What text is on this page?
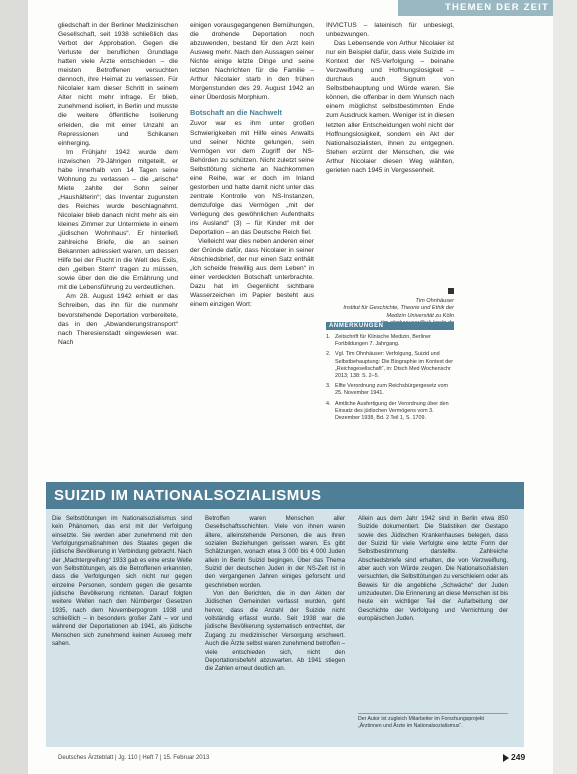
THEMEN DER ZEIT

gliedschaft in der Berliner Medizinischen Gesellschaft, seit 1938 schließlich das Verbot der Approbation. Gegen die Verluste der beruflichen Grundlage hatten viele Ärzte entschieden – die meisten Betroffenen versuchten dennoch, ihre Heimat zu verlassen. Für Nicolaier kam dieser Schritt in seinem Alter nicht mehr infrage. Er blieb, zunehmend isoliert, in Berlin und musste die weitere öffentliche Isolierung erleiden, die mit einer Unzahl an Repressionen und Schikanen einherging.

Im Frühjahr 1942 wurde dem inzwischen 79-Jährigen mitgeteilt, er habe innerhalb von 14 Tagen seine Wohnung zu verlassen – die „arische“ Miete zahlte der Sohn seiner „Haushälterin“; das Inventar zugunsten des Reiches wurde beschlagnahmt. Nicolaier blieb danach nicht mehr als ein kleines Zimmer zur Untermiete in einem „jüdischen Wohnhaus“. Er hinterließ zahlreiche Briefe, die an seinen Bekannten adressiert waren, um dessen Hilfe bei der Flucht in die Welt des Exils, den „gelben Stern“ tragen zu müssen, sowie über den die die Ernährung und mit die Lebensführung zu verdeutlichen.

Am 28. August 1942 erhielt er das Schreiben, das ihn für die nunmehr bevorstehende Deportation vorbereitete, das in den „Abwanderungstransport“ nach Theresienstadt eingewiesen war. Nach

einigen vorausgegangenen Bemühungen, die drohende Deportation noch abzuwenden, bestand für den Arzt kein Ausweg mehr. Nach den Aussagen seiner Nichte einige letzte Dinge und seine letzten Nachrichten für die Familie – Arthur Nicolaier starb in den frühen Morgenstunden des 29. August 1942 an einer Überdosis Morphium.

Botschaft an die Nachwelt

Zuvor war es ihm unter großen Schwierigkeiten mit Hilfe eines Anwalts und seiner Nichte gelungen, sein Vermögen vor dem Zugriff der NS-Behörden zu schützen. Nicht zuletzt seine Selbsttötung sicherte an Nachkommen eine Reihe, war er doch im Inland gestorben und hatte damit nicht unter das zentrale Kontrolle von NS-Instanzen, demzufolge das Vermögen „mit der Verlegung des gewöhnlichen Aufenthalts ins Ausland“ (3) – für Kinder mit der Deportation – an das Deutsche Reich fiel.

Vielleicht war dies neben anderen einer der Gründe dafür, dass Nicolaier in seiner Abschiedsbrief, der nur einen Satz enthält „Ich scheide freiwillig aus dem Leben“ in einer verdeckten Botschaft unterbrachte. Dazu hat im Gegenlicht sichtbare Wasserzeichen im Papier besteht aus einem einzigen Wort:

INVICTUS – lateinisch für unbesiegt, unbezwungen.

Das Lebensende von Arthur Nicolaier ist nur ein Beispiel dafür, dass viele Suizide im Kontext der NS-Verfolgung – beinahe Verzweiflung und Hoffnungslosigkeit – durchaus auch Signum von Selbstbehauptung und Würde waren. Sie können, die offenbar in dem Wunsch nach einem möglichst selbstbestimmten Ende zum Ausdruck kamen. Weniger ist in diesen letzten aller Entscheidungen wohl nicht der Hoffnungslosigkeit, sondern ein Akt der Nationalsozialisten, ihnen zu entgegnen. Stehen erzürnt der Menschen, die wie Arthur Nicolaier diesen Weg wählten, gerieten nach 1945 in Vergessenheit.

Tim Ohnhäuser
Institut für Geschichte, Theorie und Ethik der Medizin Universität zu Köln
ANMERKUNGEN
1. Zeitschrift für Klinische Medizin, Berliner Fortbildungen 7. Jahrgang.
2. Vgl. Tim Ohnhäuser: Verfolgung, Suizid und Selbstbehauptung: Die Biographie im Kontext der „Reichsgesellschaft“, in: Dtsch Med Wochenschr 2013; 138: S. 2–5.
3. Elfte Verordnung zum Reichsbürgergesetz vom 25. November 1941.
4. Amtliche Ausfertigung der Verordnung über den Einsatz des jüdischen Vermögens vom 3. Dezember 1938, Bd. 2 Teil 1, S. 1709.
SUIZID IM NATIONALSOZIALISMUS

Die Selbsttötungen im Nationalsozialismus sind kein Phänomen, das erst mit der Verfolgung einsetzte. Sie werden aber zunehmend mit den Verfolgungsmaßnahmen des Staates gegen die jüdische Bevölkerung in Verbindung gebracht. Nach der „Machtergreifung“ 1933 gab es eine erste Welle von Selbsttötungen, als die Betroffenen erkannten, dass die Verfolgungen sich nicht nur gegen einzelne Personen, sondern gegen die gesamte jüdische Bevölkerung richteten. Darauf folgten weitere Wellen nach den Nürnberger Gesetzen 1935, nach dem Novemberpogrom 1938 und schließlich – in besonders großer Zahl – vor und während der Deportationen ab 1941, als jüdische Menschen sich zunehmend keinen Ausweg mehr sahen.

Betroffen waren Menschen aller Gesellschaftsschichten. Viele von ihnen waren ältere, alleinstehende Personen, die aus ihren sozialen Beziehungen gerissen waren. Es gibt Schätzungen, wonach etwa 3 000 bis 4 000 Juden allein in Berlin Suizid begingen. Über das Thema Suizid der deutschen Juden in der NS-Zeit ist in den vergangenen Jahren einiges geforscht und geschrieben worden.

Von den Berichten, die in den Akten der Jüdischen Gemeinden verfasst wurden, geht hervor, dass die Anzahl der Suizide nicht vollständig erfasst wurde. Seit 1938 war die jüdische Bevölkerung systematisch entrechtet, der Zugang zu medizinischer Versorgung erschwert. Auch die Ärzte selbst waren zunehmend betroffen – viele entschieden sich, nicht den Deportationsbefehl abzuwarten. Ab 1941 stiegen die Zahlen erneut deutlich an.

Allein aus dem Jahr 1942 sind in Berlin etwa 850 Suizide dokumentiert. Die Statistiken der Gestapo sowie des Jüdischen Krankenhauses belegen, dass der Suizid für viele Verfolgte eine letzte Form der Selbstbestimmung darstellte. Zahlreiche Abschiedsbriefe sind erhalten, die von Verzweiflung, aber auch von Würde zeugen. Die Nationalsozialisten versuchten, die Selbsttötungen zu verschleiern oder als Beweis für die angebliche „Schwäche“ der Juden umzudeuten. Die Erinnerung an diese Menschen ist bis heute ein wichtiger Teil der Aufarbeitung der Geschichte der Verfolgung und Vernichtung der europäischen Juden.

Der Autor ist zugleich Mitarbeiter im Forschungsprojekt „Ärztinnen und Ärzte im Nationalsozialismus“.
Deutsches Ärzteblatt | Jg. 110 | Heft 7 | 15. Februar 2013	249
